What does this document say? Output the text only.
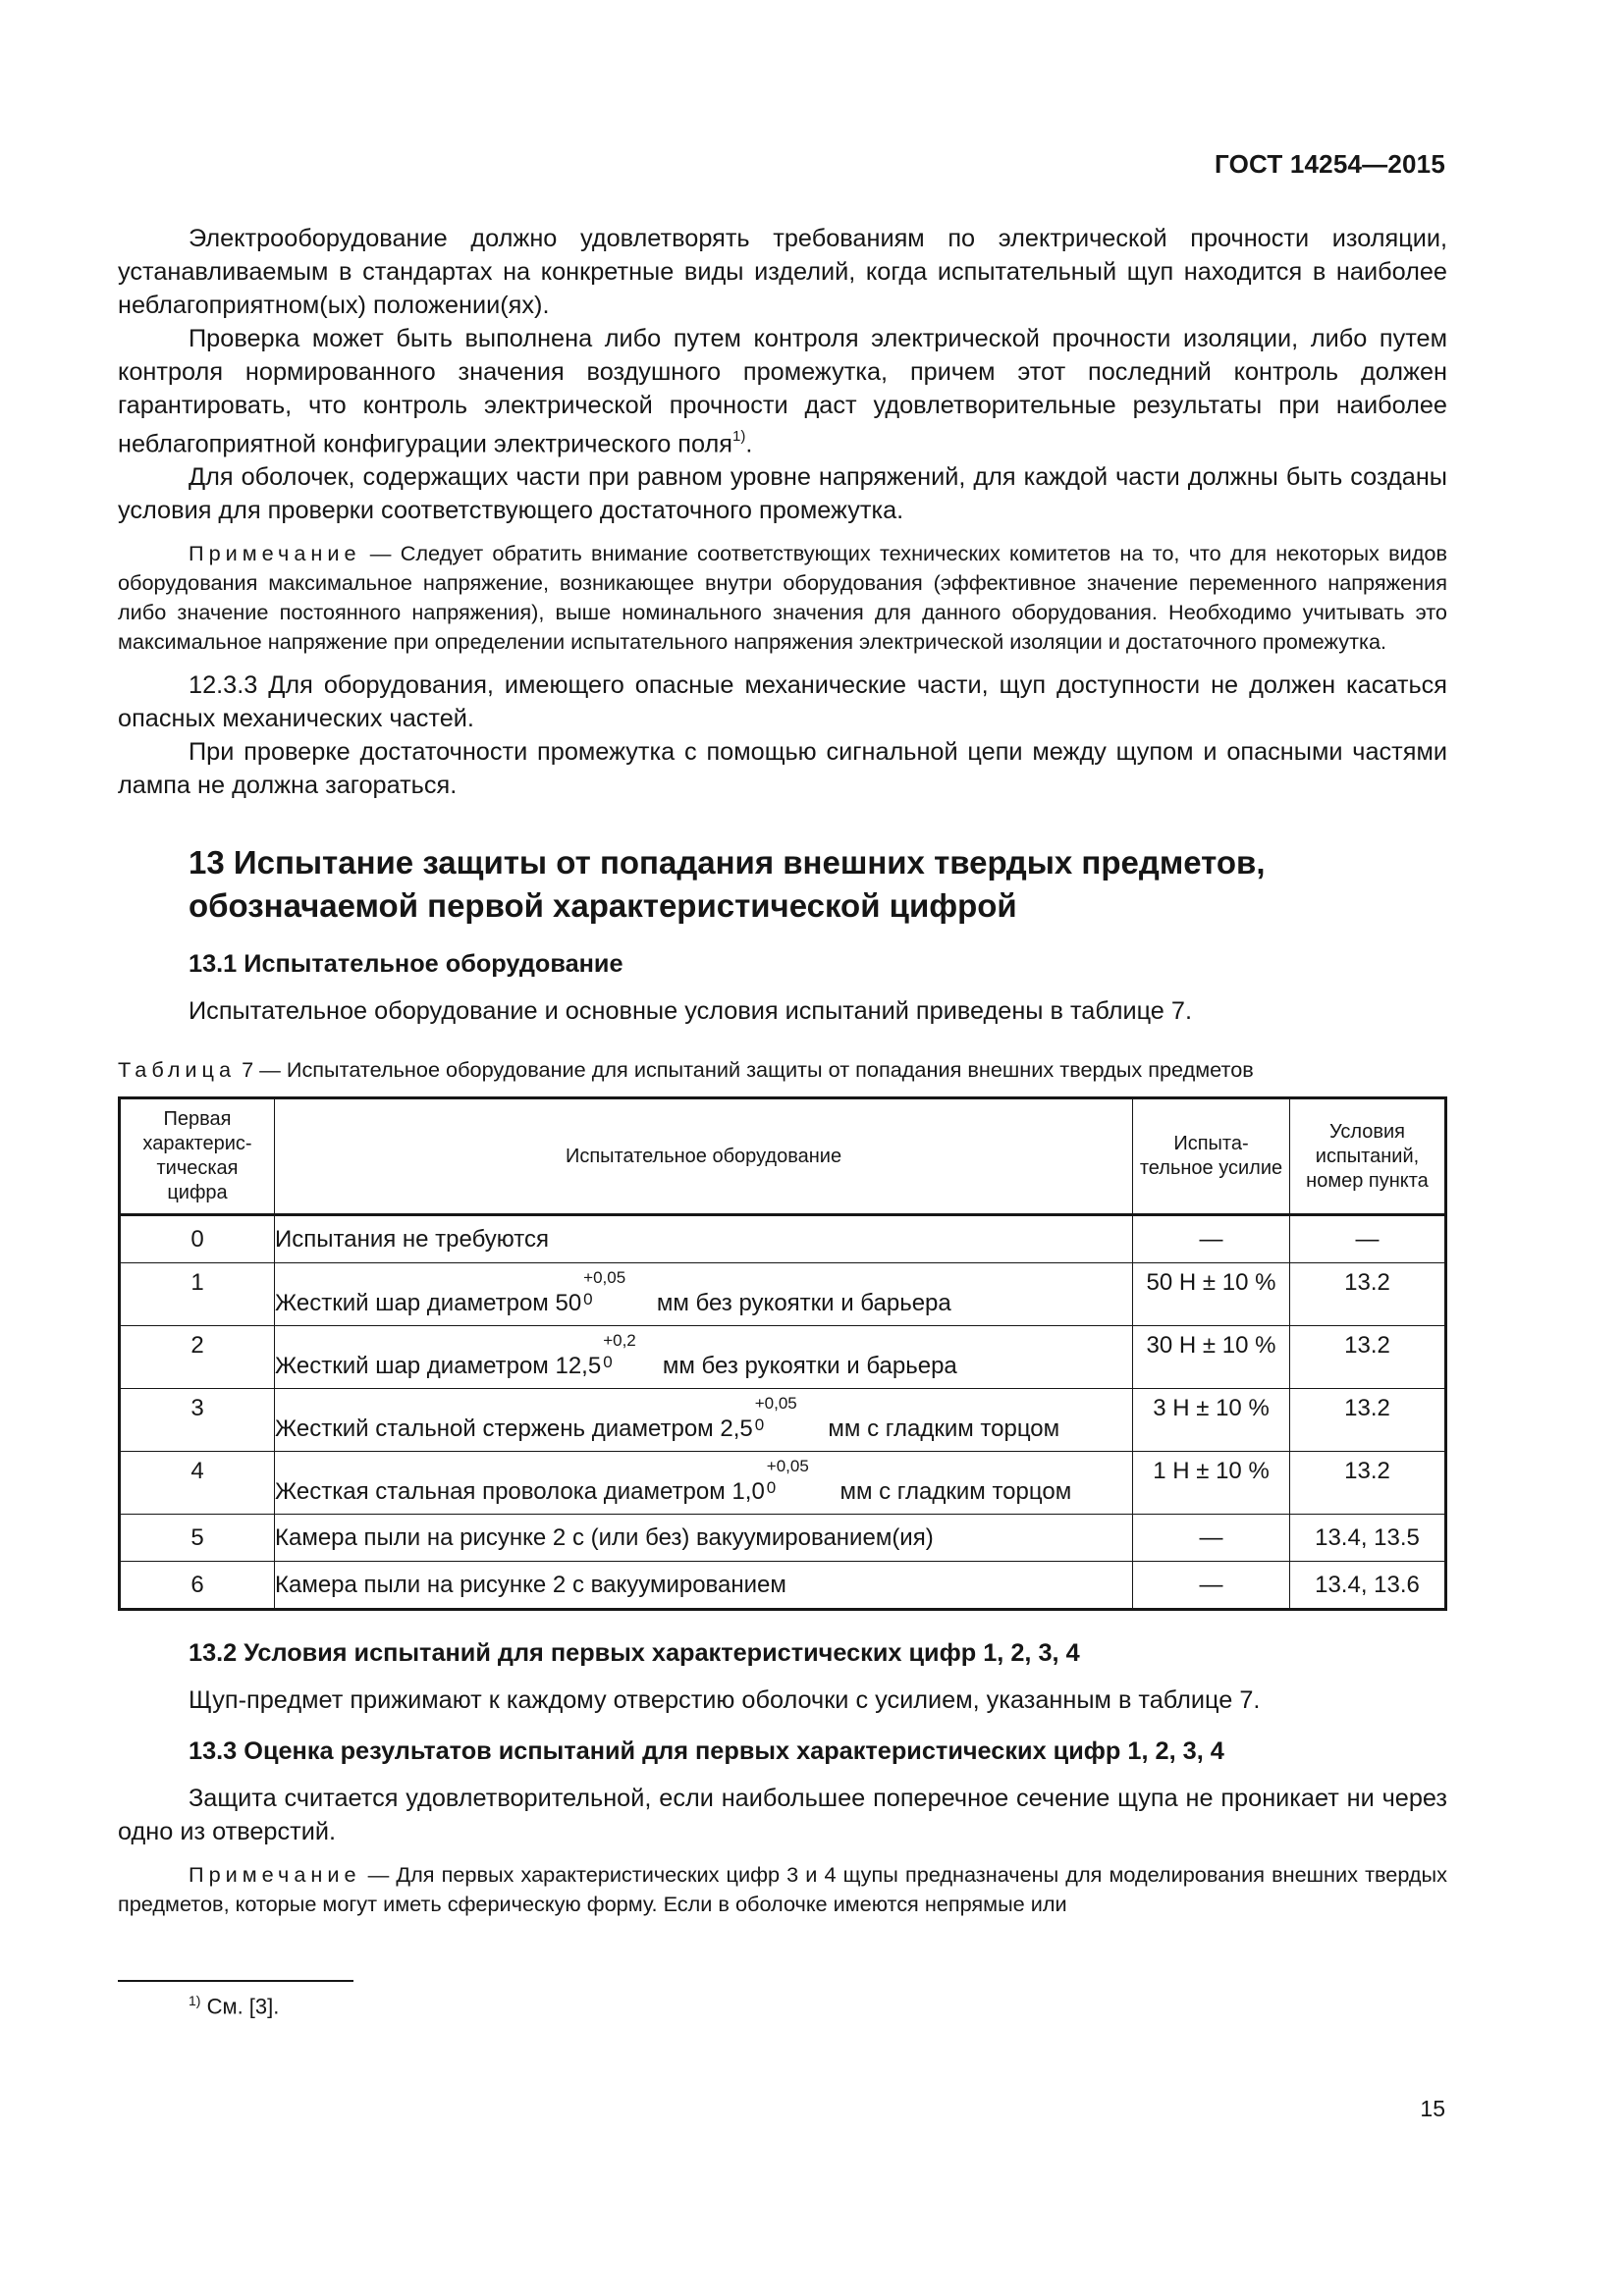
ГОСТ 14254—2015

Электрооборудование должно удовлетворять требованиям по электрической прочности изоляции, устанавливаемым в стандартах на конкретные виды изделий, когда испытательный щуп находится в наиболее неблагоприятном(ых) положении(ях).

Проверка может быть выполнена либо путем контроля электрической прочности изоляции, либо путем контроля нормированного значения воздушного промежутка, причем этот последний контроль должен гарантировать, что контроль электрической прочности даст удовлетворительные результаты при наиболее неблагоприятной конфигурации электрического поля$^{1)}$.

Для оболочек, содержащих части при равном уровне напряжений, для каждой части должны быть созданы условия для проверки соответствующего достаточного промежутка.

Примечание — Следует обратить внимание соответствующих технических комитетов на то, что для некоторых видов оборудования максимальное напряжение, возникающее внутри оборудования (эффективное значение переменного напряжения либо значение постоянного напряжения), выше номинального значения для данного оборудования. Необходимо учитывать это максимальное напряжение при определении испытательного напряжения электрической изоляции и достаточного промежутка.

12.3.3 Для оборудования, имеющего опасные механические части, щуп доступности не должен касаться опасных механических частей.

При проверке достаточности промежутка с помощью сигнальной цепи между щупом и опасными частями лампа не должна загораться.

13 Испытание защиты от попадания внешних твердых предметов,
обозначаемой первой характеристической цифрой
13.1 Испытательное оборудование

Испытательное оборудование и основные условия испытаний приведены в таблице 7.

Таблица 7 — Испытательное оборудование для испытаний защиты от попадания внешних твердых предметов

Первая характерис- тическая цифра	Испытательное оборудование	Испыта- тельное усилие	Условия испытаний, номер пункта
0	Испытания не требуются	—	—
1	Жесткий шар диаметром 50
+0,05
0 мм без рукоятки и барьера	50 Н ± 10 %	13.2
2	Жесткий шар диаметром 12,5
+0,2
0 мм без рукоятки и барьера	30 Н ± 10 %	13.2
3	Жесткий стальной стержень диаметром 2,5
+0,05
0 мм с гладким торцом	3 Н ± 10 %	13.2
4	Жесткая стальная проволока диаметром 1,0
+0,05
0 мм с гладким торцом	1 Н ± 10 %	13.2
5	Камера пыли на рисунке 2 с (или без) вакуумированием(ия)	—	13.4, 13.5
6	Камера пыли на рисунке 2 с вакуумированием	—	13.4, 13.6
13.2 Условия испытаний для первых характеристических цифр 1, 2, 3, 4

Щуп-предмет прижимают к каждому отверстию оболочки с усилием, указанным в таблице 7.

13.3 Оценка результатов испытаний для первых характеристических цифр 1, 2, 3, 4

Защита считается удовлетворительной, если наибольшее поперечное сечение щупа не проникает ни через одно из отверстий.

Примечание — Для первых характеристических цифр 3 и 4 щупы предназначены для моделирования внешних твердых предметов, которые могут иметь сферическую форму. Если в оболочке имеются непрямые или

$^{1)}$ См. [3].

15
